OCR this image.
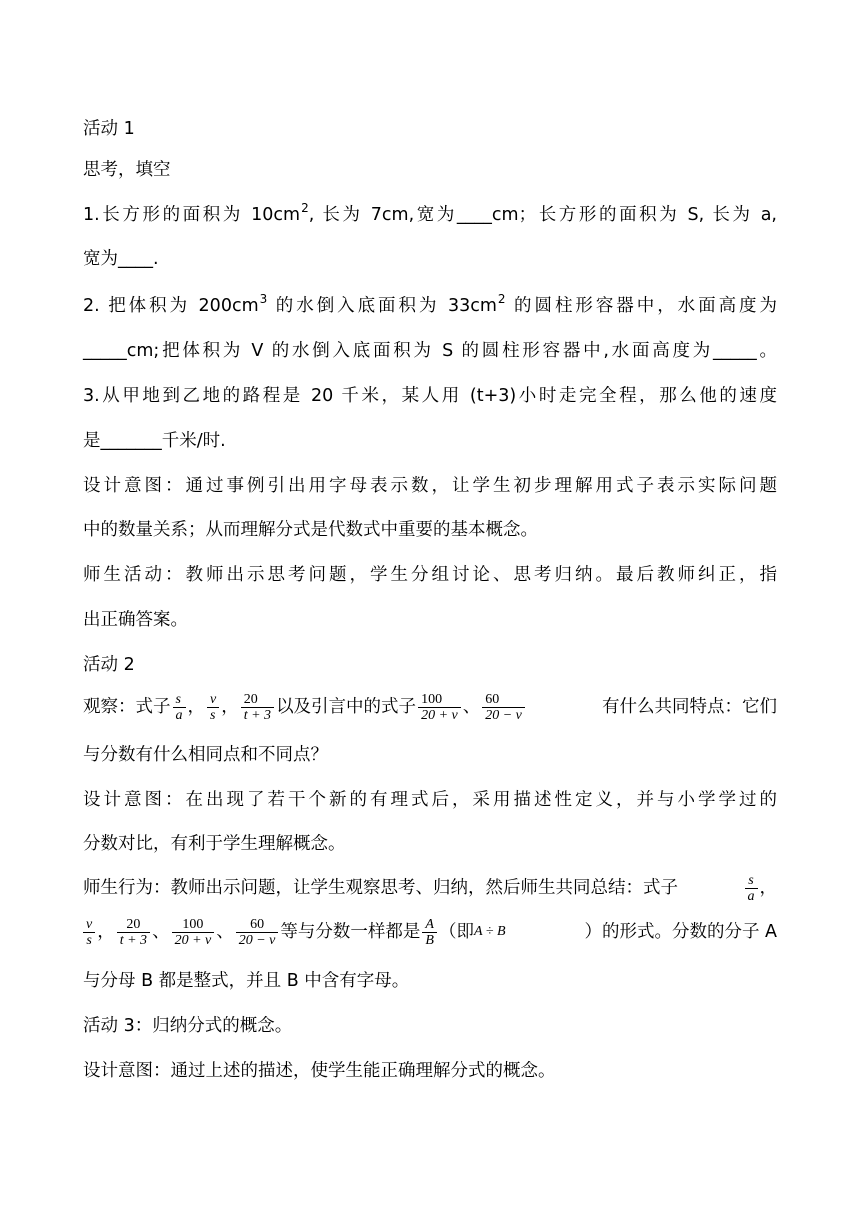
活动 1
思考，填空
1.长方形的面积为 $10cm^2$, 长为 7cm,宽为____cm；长方形的面积为 S, 长为 a,
宽为____.
2. 把体积为 $200cm^3$ 的水倒入底面积为 $33cm^2$ 的圆柱形容器中，水面高度为
_____cm;把体积为 V 的水倒入底面积为 S 的圆柱形容器中,水面高度为_____。
3.从甲地到乙地的路程是 20 千米，某人用 (t+3)小时走完全程，那么他的速度
是_______千米/时.
设计意图：通过事例引出用字母表示数，让学生初步理解用式子表示实际问题
中的数量关系；从而理解分式是代数式中重要的基本概念。
师生活动：教师出示思考问题，学生分组讨论、思考归纳。最后教师纠正，指
出正确答案。
活动 2
观察：式子 $\frac{s}{a}$ ， $\frac{v}{s}$ ， $\frac{20}{t + 3}$ 以及引言中的式子 $\frac{100}{20 + v}$ 、 $\frac{60}{20 - v}$	有什么共同特点：它们
与分数有什么相同点和不同点？
设计意图：在出现了若干个新的有理式后，采用描述性定义，并与小学学过的
分数对比，有利于学生理解概念。
师生行为：教师出示问题，让学生观察思考、归纳，然后师生共同总结：式子	$\frac{s}{a}$ ，
$\frac{v}{s}$ ， $\frac{20}{t + 3}$ 、 $\frac{100}{20 + v}$ 、 $\frac{60}{20 - v}$ 等与分数一样都是 $\frac{A}{B}$ （即 A ÷ B	）的形式。分数的分子 A
与分母 B 都是整式，并且 B 中含有字母。
活动 3：归纳分式的概念。
设计意图：通过上述的描述，使学生能正确理解分式的概念。
